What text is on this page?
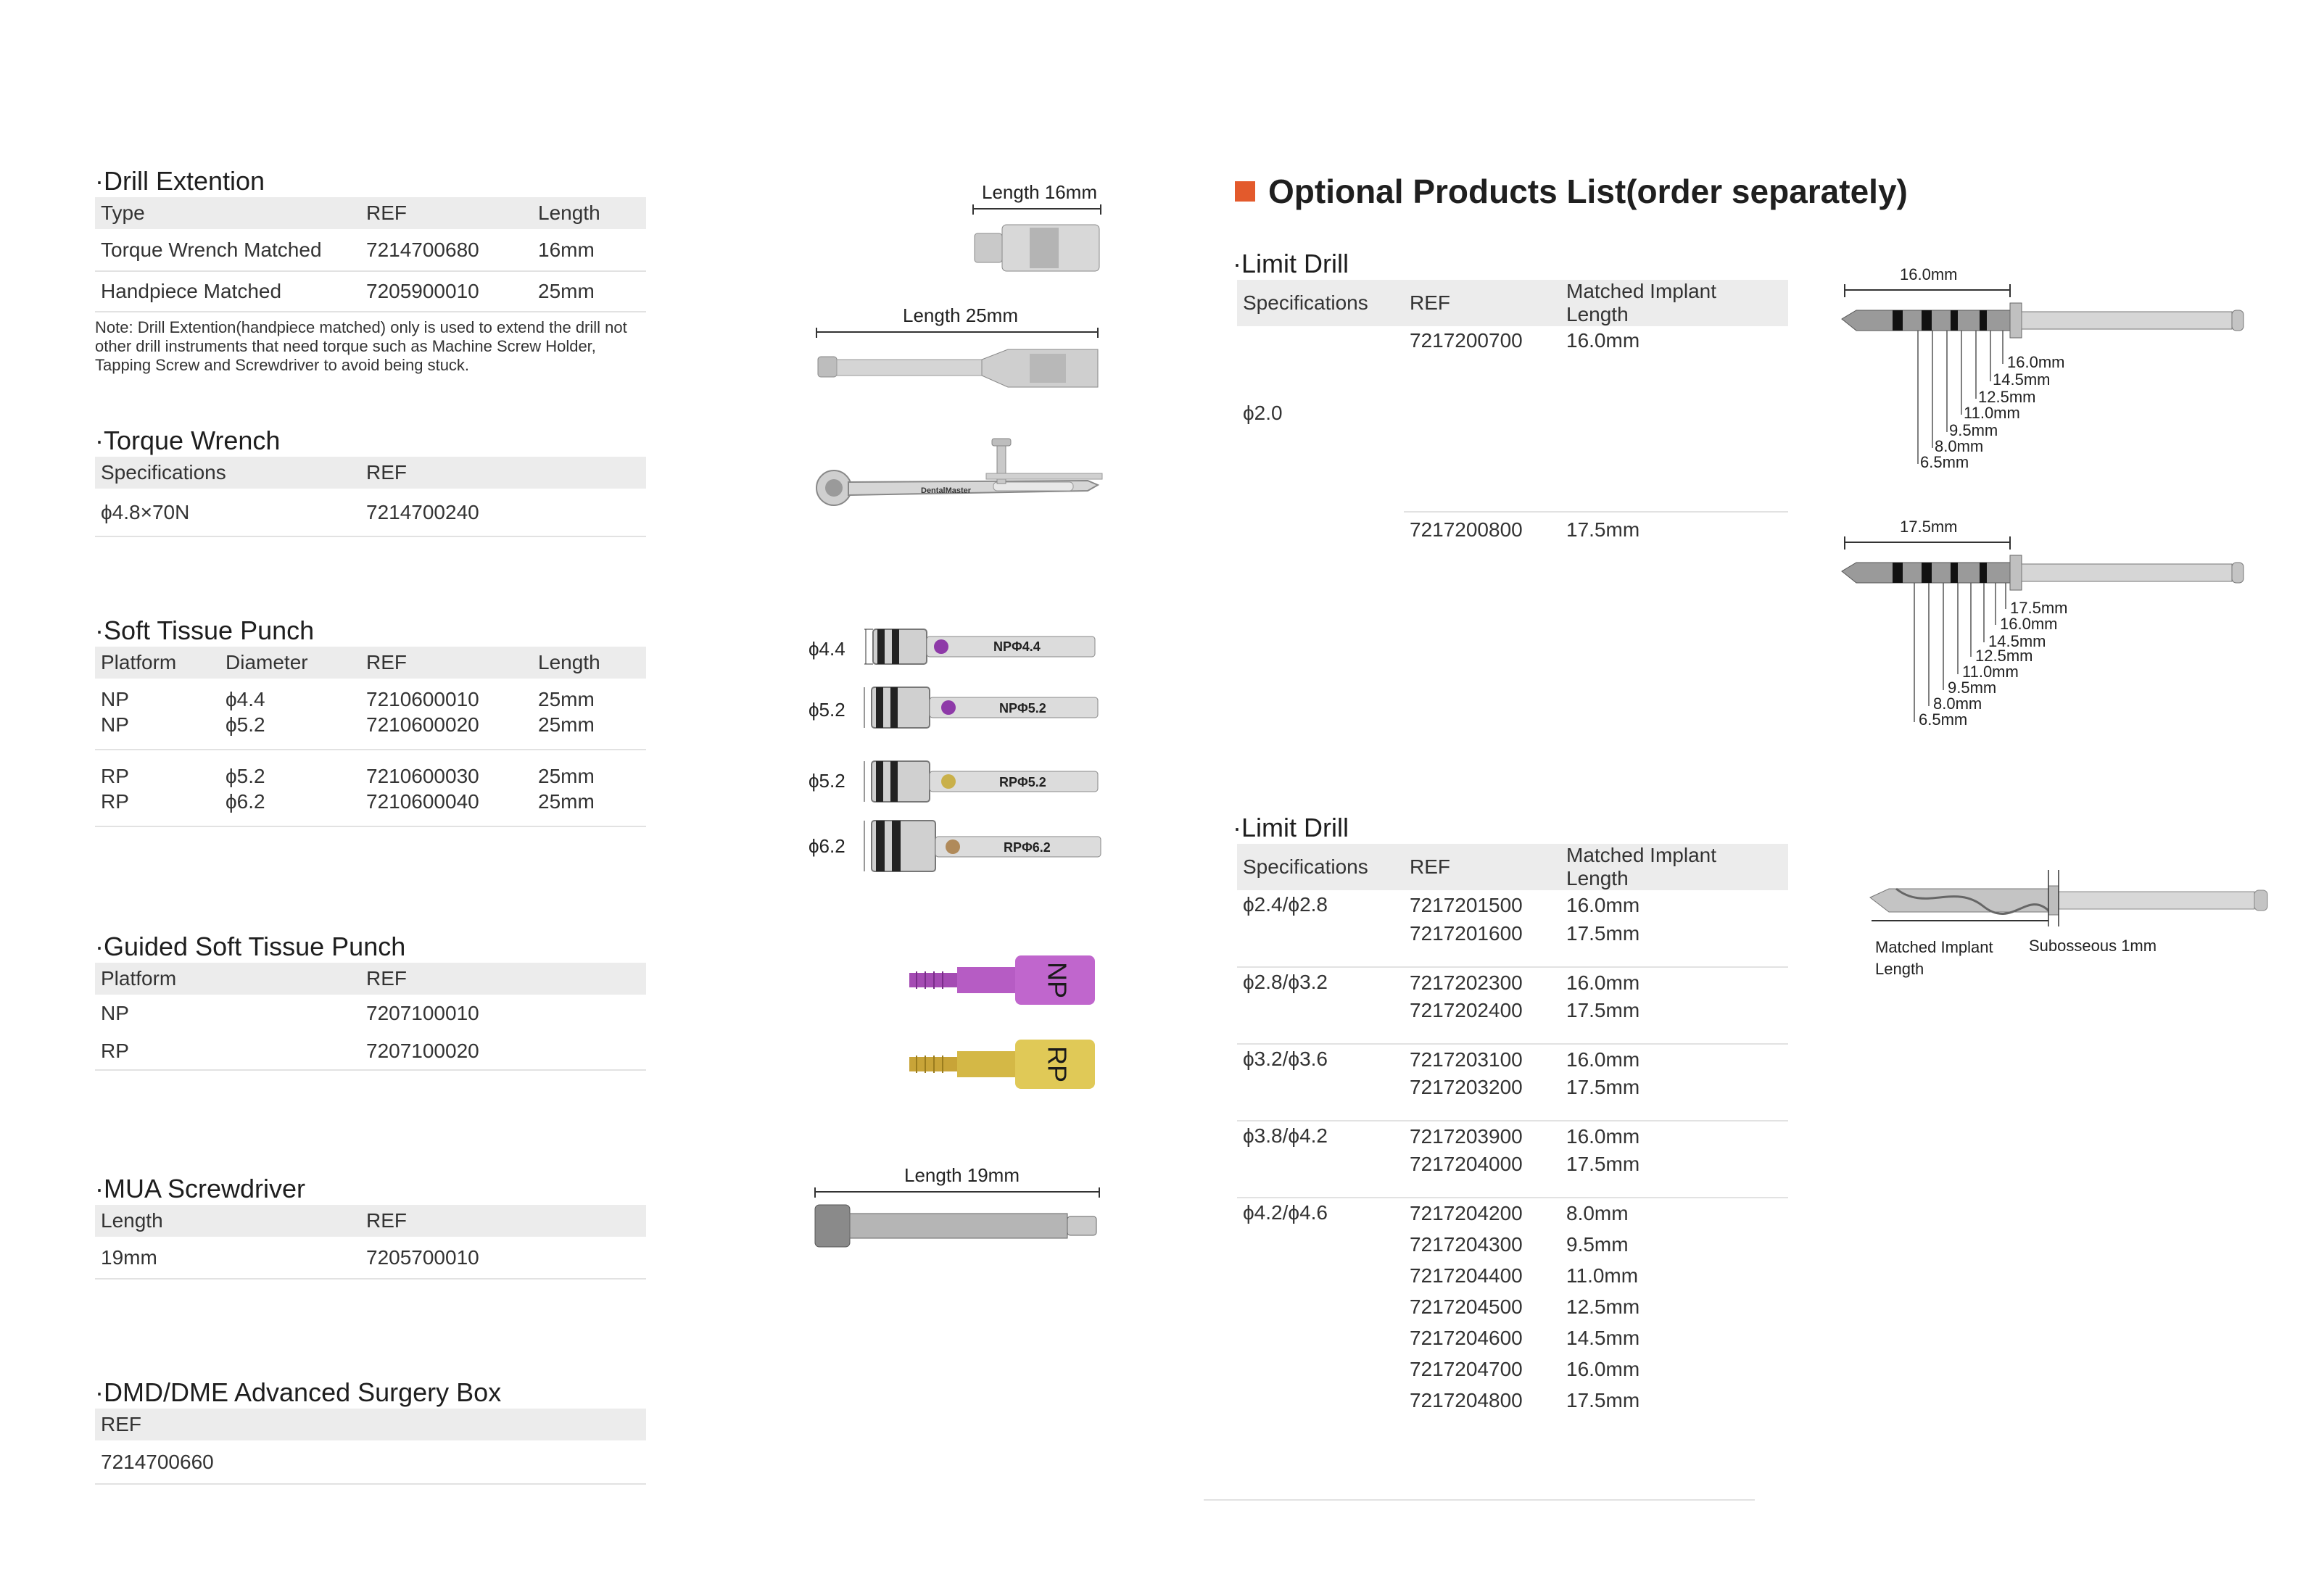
·Drill Extention
Type	REF	Length
Torque Wrench Matched	7214700680	16mm
Handpiece Matched	7205900010	25mm
Note: Drill Extention(handpiece matched) only is used to extend the drill not other drill instruments that need torque such as Machine Screw Holder, Tapping Screw and Screwdriver to avoid being stuck.
·Torque Wrench
Specifications	REF
ϕ4.8×70N	7214700240
·Soft Tissue Punch
Platform	Diameter	REF	Length
NP	ϕ4.4	7210600010	25mm
NP	ϕ5.2	7210600020	25mm
RP	ϕ5.2	7210600030	25mm
RP	ϕ6.2	7210600040	25mm
·Guided Soft Tissue Punch
Platform	REF
NP	7207100010
RP	7207100020
·MUA Screwdriver
Length	REF
19mm	7205700010
·DMD/DME Advanced Surgery Box
REF
7214700660
Length 16mm
Length 25mm
DentalMaster
ϕ4.4	NPΦ4.4
ϕ5.2	NPΦ5.2
ϕ5.2	RPΦ5.2
ϕ6.2	RPΦ6.2
NP
RP
Length 19mm
Optional Products List(order separately)
·Limit Drill
Specifications	REF	Matched Implant Length
ϕ2.0	7217200700	16.0mm
	7217200800	17.5mm
16.0mm
16.0mm
14.5mm
12.5mm
11.0mm
9.5mm
8.0mm
6.5mm
17.5mm
17.5mm
16.0mm
14.5mm
12.5mm
11.0mm
9.5mm
8.0mm
6.5mm
·Limit Drill
Specifications	REF	Matched Implant Length
ϕ2.4/ϕ2.8	7217201500	16.0mm
	7217201600	17.5mm
ϕ2.8/ϕ3.2	7217202300	16.0mm
	7217202400	17.5mm
ϕ3.2/ϕ3.6	7217203100	16.0mm
	7217203200	17.5mm
ϕ3.8/ϕ4.2	7217203900	16.0mm
	7217204000	17.5mm
ϕ4.2/ϕ4.6	7217204200	8.0mm
	7217204300	9.5mm
	7217204400	11.0mm
	7217204500	12.5mm
	7217204600	14.5mm
	7217204700	16.0mm
	7217204800	17.5mm
Matched Implant Length
Subosseous 1mm
